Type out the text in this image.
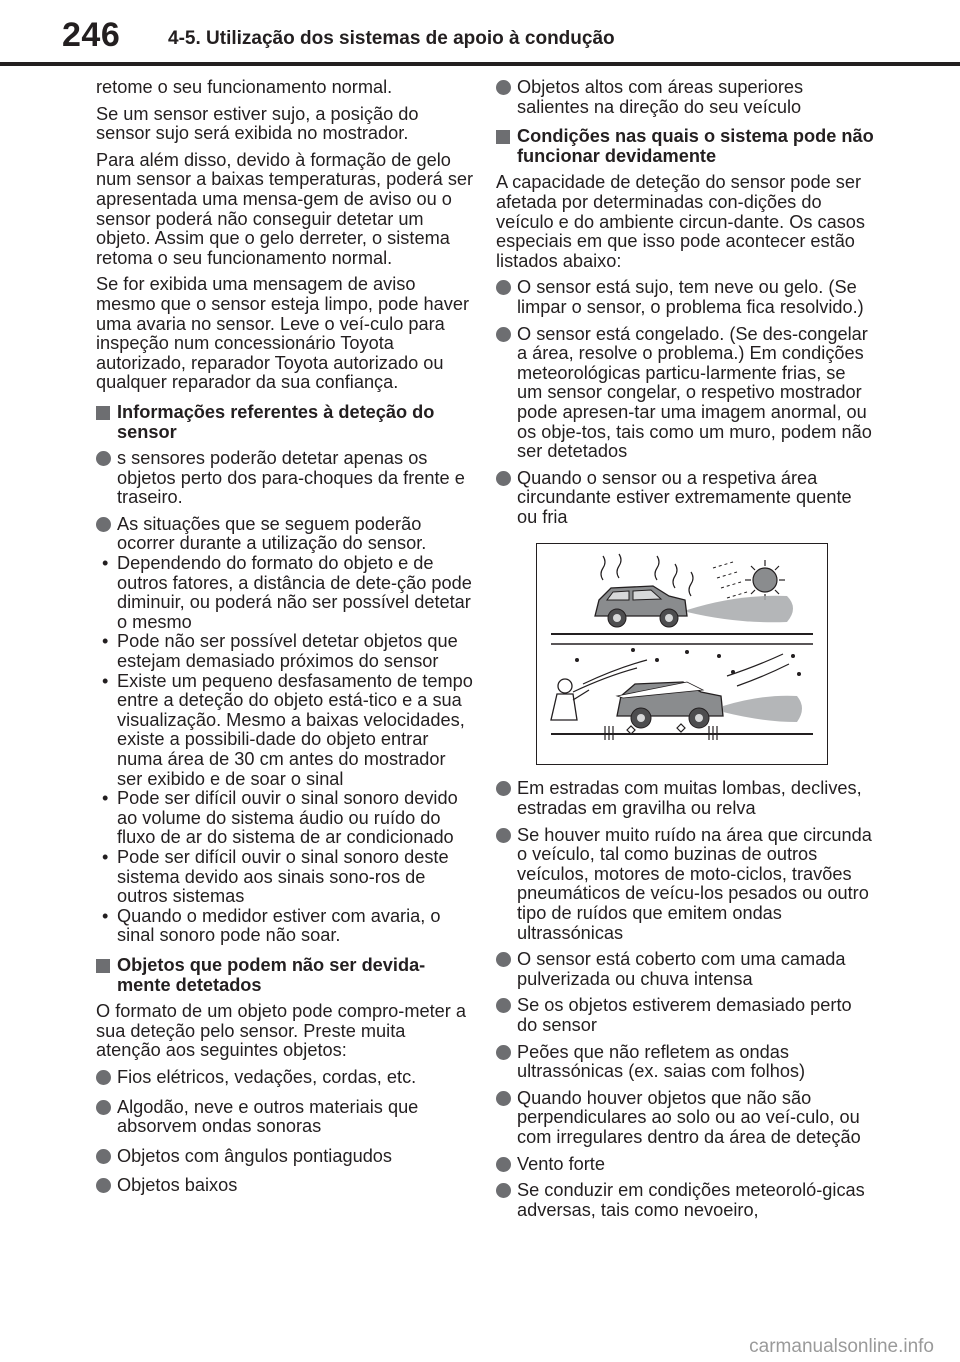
246	4-5. Utilização dos sistemas de apoio à condução

retome o seu funcionamento normal.

Se um sensor estiver sujo, a posição do sensor sujo será exibida no mostrador.

Para além disso, devido à formação de gelo num sensor a baixas temperaturas, poderá ser apresentada uma mensa-gem de aviso ou o sensor poderá não conseguir detetar um objeto. Assim que o gelo derreter, o sistema retoma o seu funcionamento normal.

Se for exibida uma mensagem de aviso mesmo que o sensor esteja limpo, pode haver uma avaria no sensor. Leve o veí-culo para inspeção num concessionário Toyota autorizado, reparador Toyota autorizado ou qualquer reparador da sua confiança.

Informações referentes à deteção do sensor
s sensores poderão detetar apenas os objetos perto dos para-choques da frente e traseiro.
As situações que se seguem poderão ocorrer durante a utilização do sensor.
• Dependendo do formato do objeto e de outros fatores, a distância de dete-ção pode diminuir, ou poderá não ser possível detetar o mesmo
• Pode não ser possível detetar objetos que estejam demasiado próximos do sensor
• Existe um pequeno desfasamento de tempo entre a deteção do objeto está-tico e a sua visualização. Mesmo a baixas velocidades, existe a possibili-dade do objeto entrar numa área de 30 cm antes do mostrador ser exibido e de soar o sinal
• Pode ser difícil ouvir o sinal sonoro devido ao volume do sistema áudio ou ruído do fluxo de ar do sistema de ar condicionado
• Pode ser difícil ouvir o sinal sonoro deste sistema devido aos sinais sono-ros de outros sistemas
• Quando o medidor estiver com avaria, o sinal sonoro pode não soar.
Objetos que podem não ser devida-mente detetados

O formato de um objeto pode compro-meter a sua deteção pelo sensor. Preste muita atenção aos seguintes objetos:

Fios elétricos, vedações, cordas, etc.
Algodão, neve e outros materiais que absorvem ondas sonoras
Objetos com ângulos pontiagudos
Objetos baixos
Objetos altos com áreas superiores salientes na direção do seu veículo
Condições nas quais o sistema pode não funcionar devidamente

A capacidade de deteção do sensor pode ser afetada por determinadas con-dições do veículo e do ambiente circun-dante. Os casos especiais em que isso pode acontecer estão listados abaixo:

O sensor está sujo, tem neve ou gelo. (Se limpar o sensor, o problema fica resolvido.)
O sensor está congelado. (Se des-congelar a área, resolve o problema.) Em condições meteorológicas particu-larmente frias, se um sensor congelar, o respetivo mostrador pode apresen-tar uma imagem anormal, ou os obje-tos, tais como um muro, podem não ser detetados
Quando o sensor ou a respetiva área circundante estiver extremamente quente ou fria
Em estradas com muitas lombas, declives, estradas em gravilha ou relva
Se houver muito ruído na área que circunda o veículo, tal como buzinas de outros veículos, motores de moto-ciclos, travões pneumáticos de veícu-los pesados ou outro tipo de ruídos que emitem ondas ultrassónicas
O sensor está coberto com uma camada pulverizada ou chuva intensa
Se os objetos estiverem demasiado perto do sensor
Peões que não refletem as ondas ultrassónicas (ex. saias com folhos)
Quando houver objetos que não são perpendiculares ao solo ou ao veí-culo, ou com irregulares dentro da área de deteção
Vento forte
Se conduzir em condições meteoroló-gicas adversas, tais como nevoeiro,
carmanualsonline.info
